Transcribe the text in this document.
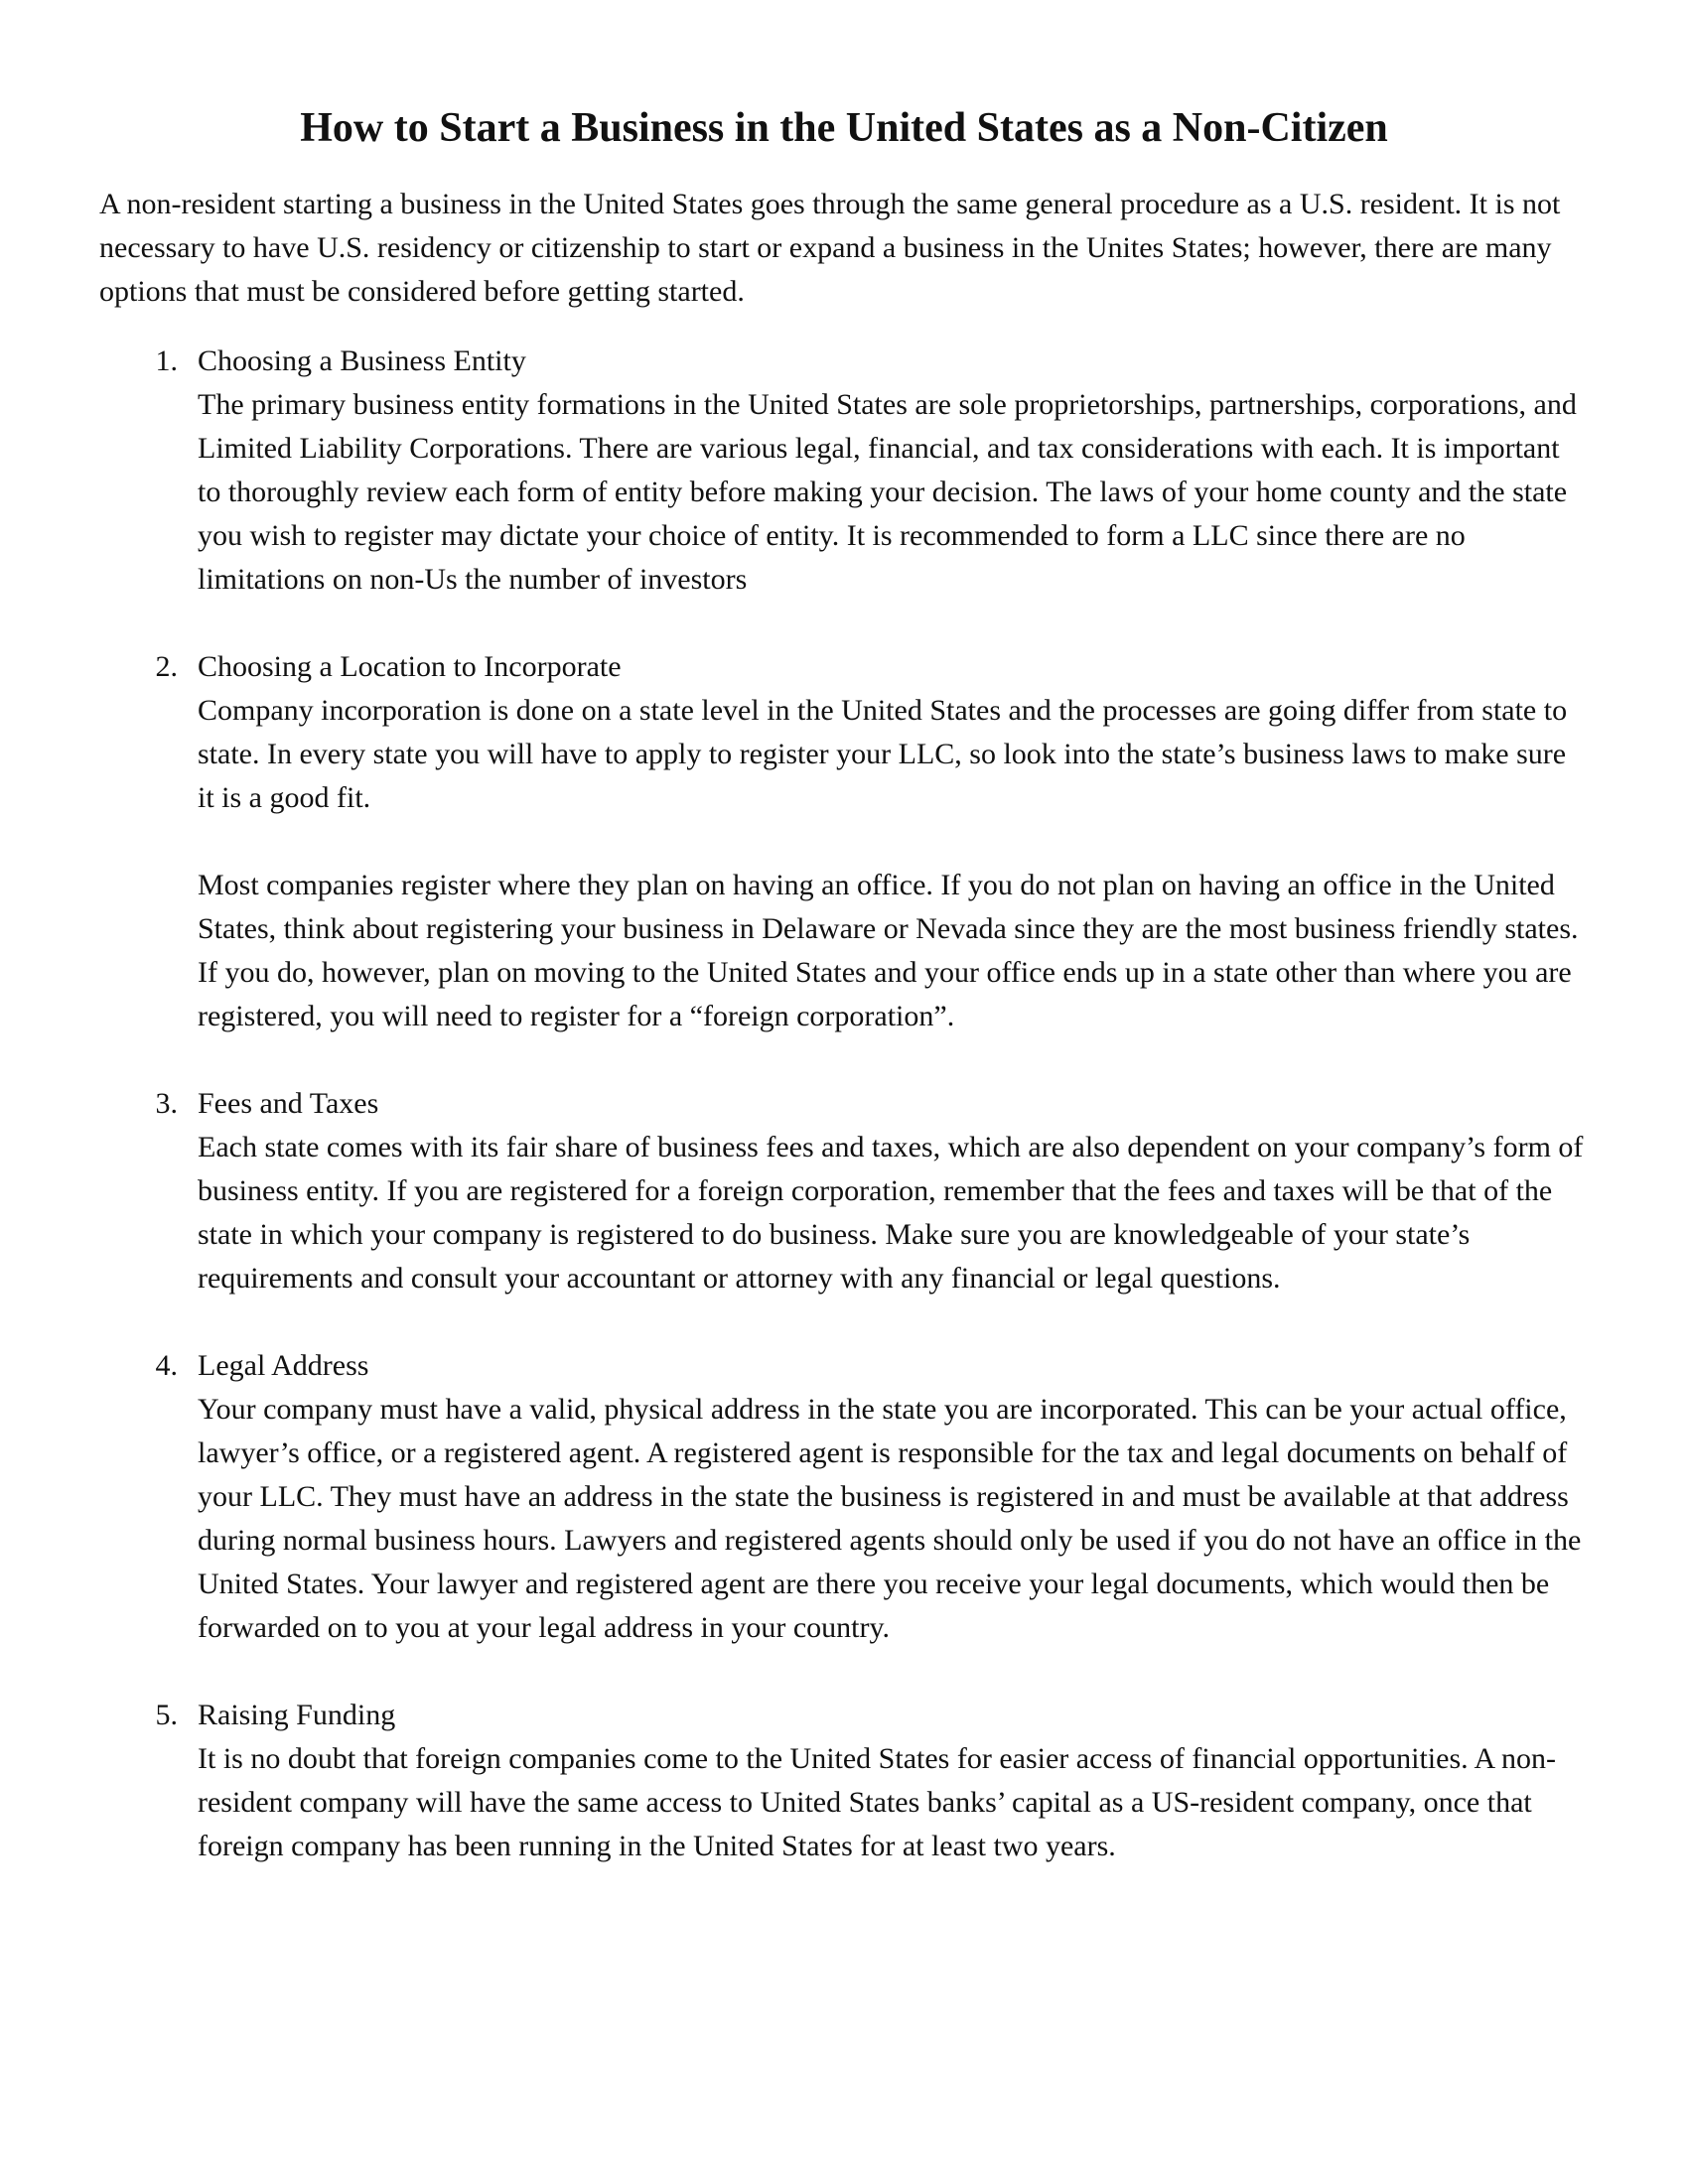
How to Start a Business in the United States as a Non-Citizen

A non-resident starting a business in the United States goes through the same general procedure as a U.S. resident. It is not necessary to have U.S. residency or citizenship to start or expand a business in the Unites States; however, there are many options that must be considered before getting started.

1. Choosing a Business Entity

The primary business entity formations in the United States are sole proprietorships, partnerships, corporations, and Limited Liability Corporations. There are various legal, financial, and tax considerations with each. It is important to thoroughly review each form of entity before making your decision. The laws of your home county and the state you wish to register may dictate your choice of entity. It is recommended to form a LLC since there are no limitations on non-Us the number of investors

2. Choosing a Location to Incorporate

Company incorporation is done on a state level in the United States and the processes are going differ from state to state. In every state you will have to apply to register your LLC, so look into the state’s business laws to make sure it is a good fit.

Most companies register where they plan on having an office. If you do not plan on having an office in the United States, think about registering your business in Delaware or Nevada since they are the most business friendly states. If you do, however, plan on moving to the United States and your office ends up in a state other than where you are registered, you will need to register for a “foreign corporation”.

3. Fees and Taxes

Each state comes with its fair share of business fees and taxes, which are also dependent on your company’s form of business entity. If you are registered for a foreign corporation, remember that the fees and taxes will be that of the state in which your company is registered to do business. Make sure you are knowledgeable of your state’s requirements and consult your accountant or attorney with any financial or legal questions.

4. Legal Address

Your company must have a valid, physical address in the state you are incorporated. This can be your actual office, lawyer’s office, or a registered agent. A registered agent is responsible for the tax and legal documents on behalf of your LLC. They must have an address in the state the business is registered in and must be available at that address during normal business hours. Lawyers and registered agents should only be used if you do not have an office in the United States. Your lawyer and registered agent are there you receive your legal documents, which would then be forwarded on to you at your legal address in your country.

5. Raising Funding

It is no doubt that foreign companies come to the United States for easier access of financial opportunities. A non-resident company will have the same access to United States banks’ capital as a US-resident company, once that foreign company has been running in the United States for at least two years.
